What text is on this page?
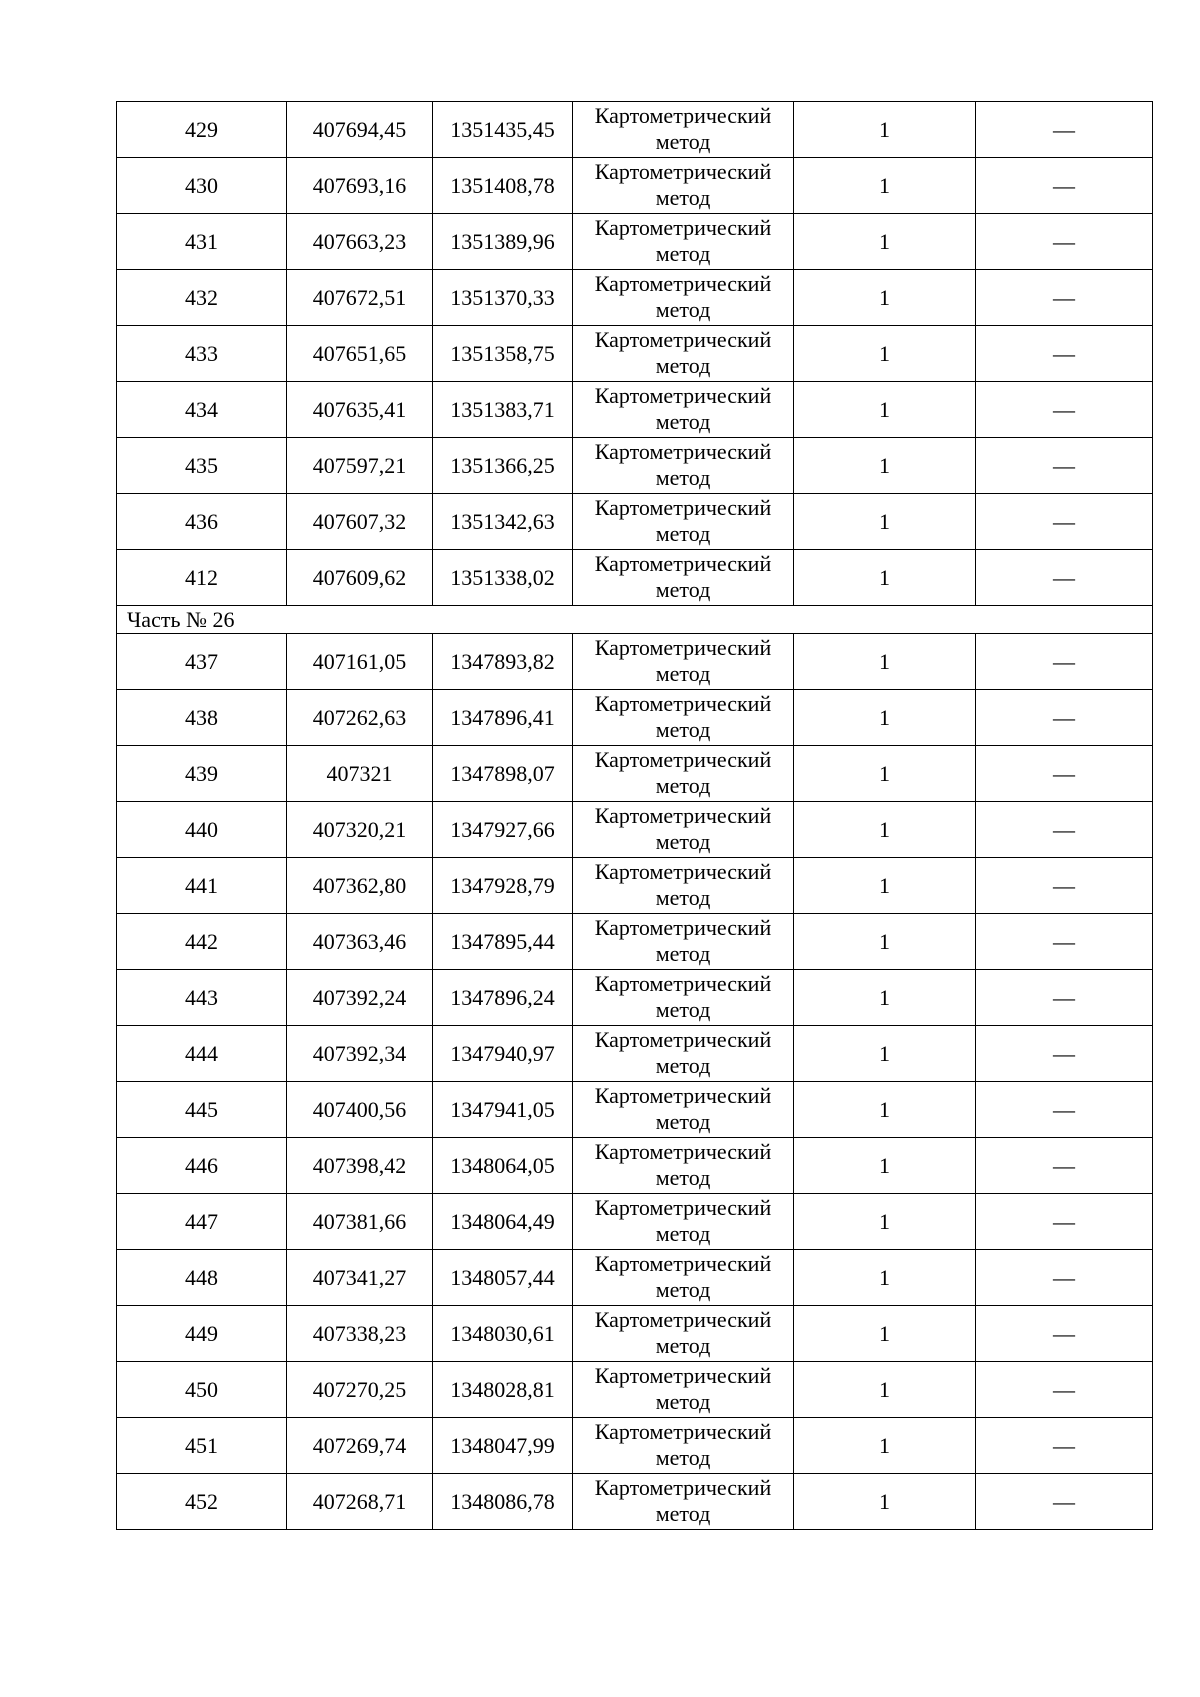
429	407694,45	1351435,45	Картометрический метод	1	—
430	407693,16	1351408,78	Картометрический метод	1	—
431	407663,23	1351389,96	Картометрический метод	1	—
432	407672,51	1351370,33	Картометрический метод	1	—
433	407651,65	1351358,75	Картометрический метод	1	—
434	407635,41	1351383,71	Картометрический метод	1	—
435	407597,21	1351366,25	Картометрический метод	1	—
436	407607,32	1351342,63	Картометрический метод	1	—
412	407609,62	1351338,02	Картометрический метод	1	—
Часть № 26					
437	407161,05	1347893,82	Картометрический метод	1	—
438	407262,63	1347896,41	Картометрический метод	1	—
439	407321	1347898,07	Картометрический метод	1	—
440	407320,21	1347927,66	Картометрический метод	1	—
441	407362,80	1347928,79	Картометрический метод	1	—
442	407363,46	1347895,44	Картометрический метод	1	—
443	407392,24	1347896,24	Картометрический метод	1	—
444	407392,34	1347940,97	Картометрический метод	1	—
445	407400,56	1347941,05	Картометрический метод	1	—
446	407398,42	1348064,05	Картометрический метод	1	—
447	407381,66	1348064,49	Картометрический метод	1	—
448	407341,27	1348057,44	Картометрический метод	1	—
449	407338,23	1348030,61	Картометрический метод	1	—
450	407270,25	1348028,81	Картометрический метод	1	—
451	407269,74	1348047,99	Картометрический метод	1	—
452	407268,71	1348086,78	Картометрический метод	1	—
